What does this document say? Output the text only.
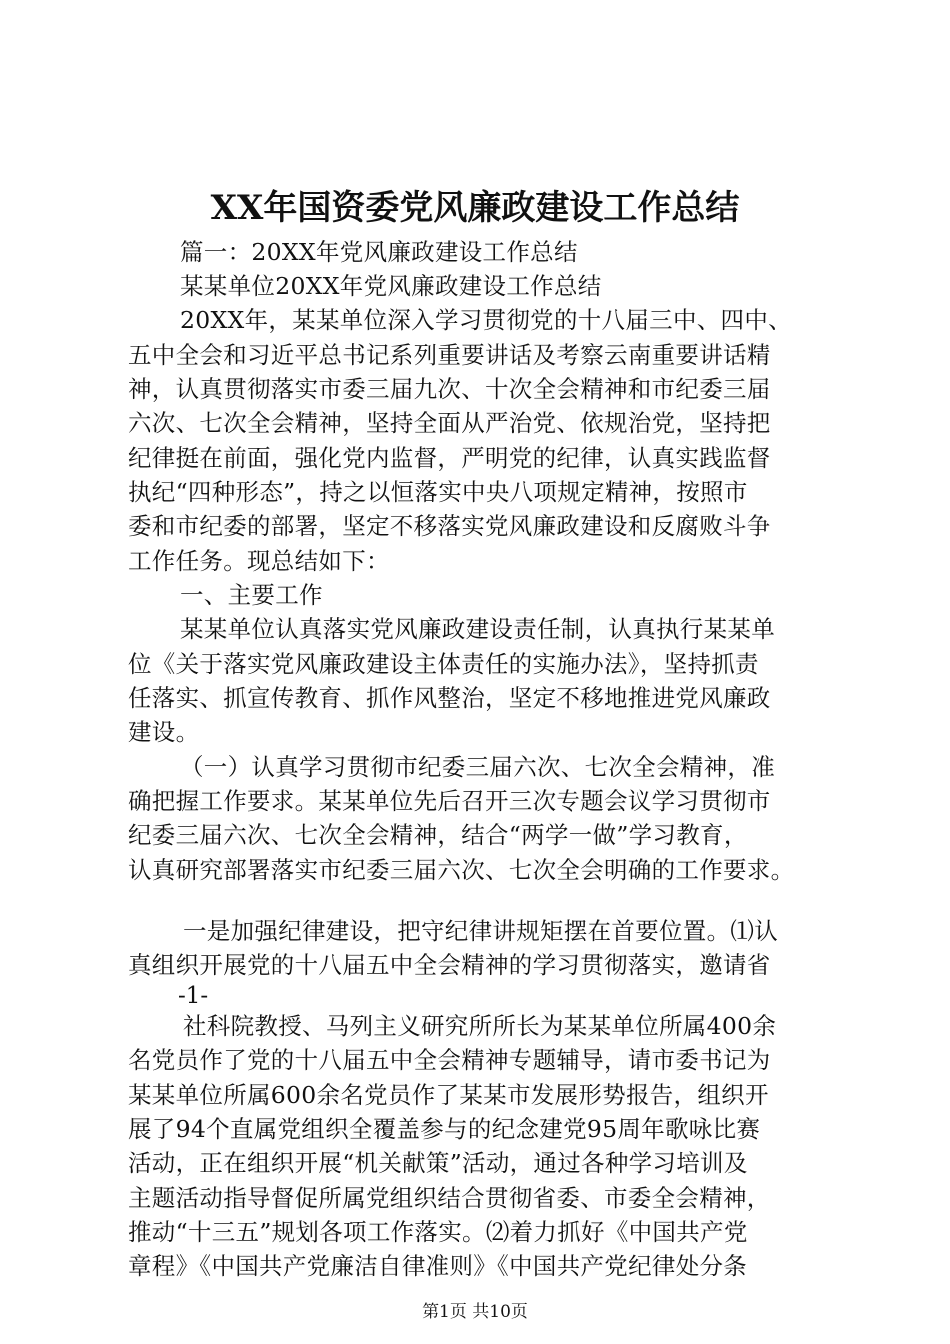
XX年国资委党风廉政建设工作总结
篇一：20XX年党风廉政建设工作总结
某某单位20XX年党风廉政建设工作总结
20XX年，某某单位深入学习贯彻党的十八届三中、四中、
五中全会和习近平总书记系列重要讲话及考察云南重要讲话精
神，认真贯彻落实市委三届九次、十次全会精神和市纪委三届
六次、七次全会精神，坚持全面从严治党、依规治党，坚持把
纪律挺在前面，强化党内监督，严明党的纪律，认真实践监督
执纪“四种形态”，持之以恒落实中央八项规定精神，按照市
委和市纪委的部署，坚定不移落实党风廉政建设和反腐败斗争
工作任务。现总结如下：
一、主要工作
某某单位认真落实党风廉政建设责任制，认真执行某某单
位《关于落实党风廉政建设主体责任的实施办法》，坚持抓责
任落实、抓宣传教育、抓作风整治，坚定不移地推进党风廉政
建设。
（一）认真学习贯彻市纪委三届六次、七次全会精神，准
确把握工作要求。某某单位先后召开三次专题会议学习贯彻市
纪委三届六次、七次全会精神，结合“两学一做”学习教育，
认真研究部署落实市纪委三届六次、七次全会明确的工作要求。
一是加强纪律建设，把守纪律讲规矩摆在首要位置。⑴认
真组织开展党的十八届五中全会精神的学习贯彻落实，邀请省
-1-
社科院教授、马列主义研究所所长为某某单位所属400余
名党员作了党的十八届五中全会精神专题辅导，请市委书记为
某某单位所属600余名党员作了某某市发展形势报告，组织开
展了94个直属党组织全覆盖参与的纪念建党95周年歌咏比赛
活动，正在组织开展“机关献策”活动，通过各种学习培训及
主题活动指导督促所属党组织结合贯彻省委、市委全会精神，
推动“十三五”规划各项工作落实。⑵着力抓好《中国共产党
章程》《中国共产党廉洁自律准则》《中国共产党纪律处分条
第1页 共10页
